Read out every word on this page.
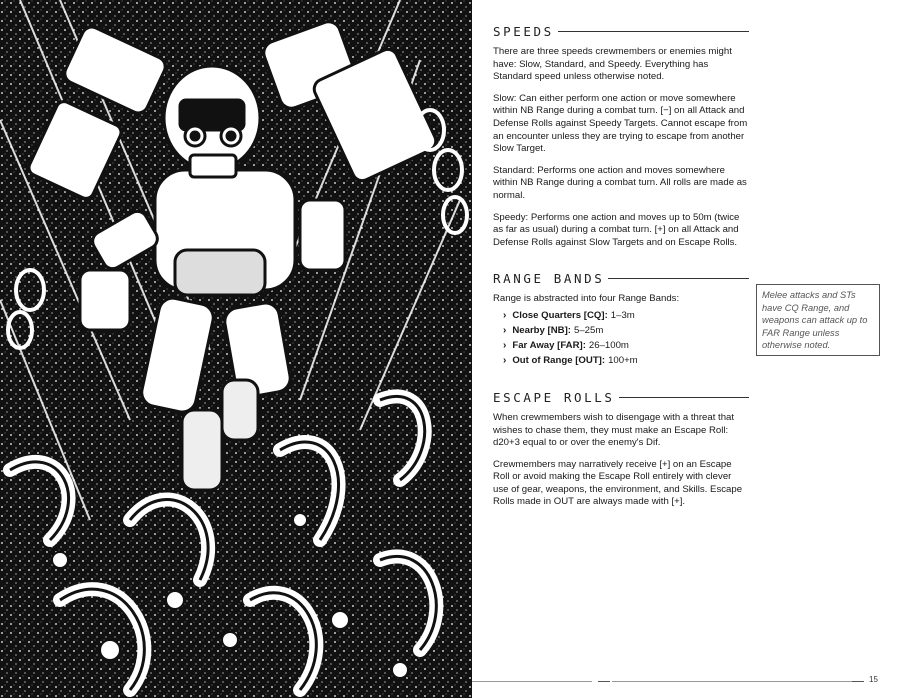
SPEEDS

There are three speeds crewmembers or enemies might have: Slow, Standard, and Speedy. Everything has Standard speed unless otherwise noted.

Slow: Can either perform one action or move somewhere within NB Range during a combat turn. [−] on all Attack and Defense Rolls against Speedy Targets. Cannot escape from an encounter unless they are trying to escape from another Slow Target.

Standard: Performs one action and moves somewhere within NB Range during a combat turn. All rolls are made as normal.

Speedy: Performs one action and moves up to 50m (twice as far as usual) during a combat turn. [+] on all Attack and Defense Rolls against Slow Targets and on Escape Rolls.

RANGE BANDS

Range is abstracted into four Range Bands:

› Close Quarters [CQ]: 1–3m
› Nearby [NB]: 5–25m
› Far Away [FAR]: 26–100m
› Out of Range [OUT]: 100+m
ESCAPE ROLLS

When crewmembers wish to disengage with a threat that wishes to chase them, they must make an Escape Roll: d20+3 equal to or over the enemy's Dif.

Crewmembers may narratively receive [+] on an Escape Roll or avoid making the Escape Roll entirely with clever use of gear, weapons, the environment, and Skills. Escape Rolls made in OUT are always made with [+].

Melee attacks and STs have CQ Range, and weapons can attack up to FAR Range unless otherwise noted.
15
